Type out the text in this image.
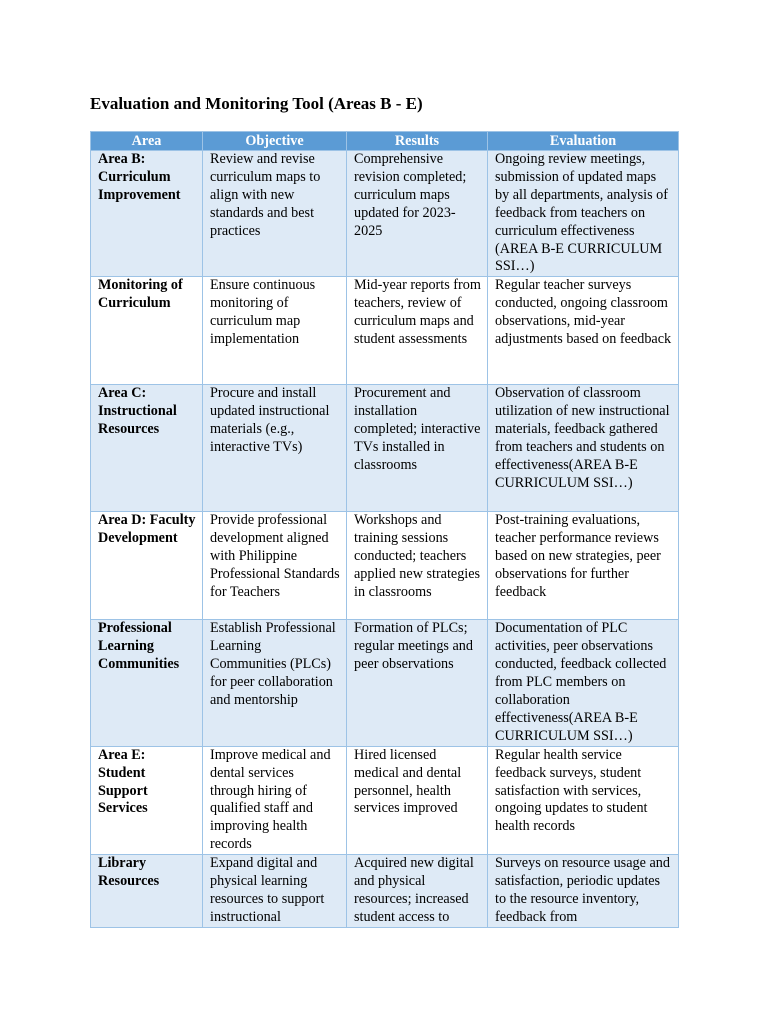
Evaluation and Monitoring Tool (Areas B - E)
Area	Objective	Results	Evaluation
Area B: Curriculum Improvement	Review and revise curriculum maps to align with new standards and best practices	Comprehensive revision completed; curriculum maps updated for 2023-2025	Ongoing review meetings, submission of updated maps by all departments, analysis of feedback from teachers on curriculum effectiveness (AREA B-E CURRICULUM SSI…)
Monitoring of Curriculum	Ensure continuous monitoring of curriculum map implementation	Mid-year reports from teachers, review of curriculum maps and student assessments	Regular teacher surveys conducted, ongoing classroom observations, mid-year adjustments based on feedback
Area C: Instructional Resources	Procure and install updated instructional materials (e.g., interactive TVs)	Procurement and installation completed; interactive TVs installed in classrooms	Observation of classroom utilization of new instructional materials, feedback gathered from teachers and students on effectiveness(AREA B-E CURRICULUM SSI…)
Area D: Faculty Development	Provide professional development aligned with Philippine Professional Standards for Teachers	Workshops and training sessions conducted; teachers applied new strategies in classrooms	Post-training evaluations, teacher performance reviews based on new strategies, peer observations for further feedback
Professional Learning Communities	Establish Professional Learning Communities (PLCs) for peer collaboration and mentorship	Formation of PLCs; regular meetings and peer observations	Documentation of PLC activities, peer observations conducted, feedback collected from PLC members on collaboration effectiveness(AREA B-E CURRICULUM SSI…)
Area E: Student Support Services	Improve medical and dental services through hiring of qualified staff and improving health records	Hired licensed medical and dental personnel, health services improved	Regular health service feedback surveys, student satisfaction with services, ongoing updates to student health records
Library Resources	Expand digital and physical learning resources to support instructional	Acquired new digital and physical resources; increased student access to	Surveys on resource usage and satisfaction, periodic updates to the resource inventory, feedback from
